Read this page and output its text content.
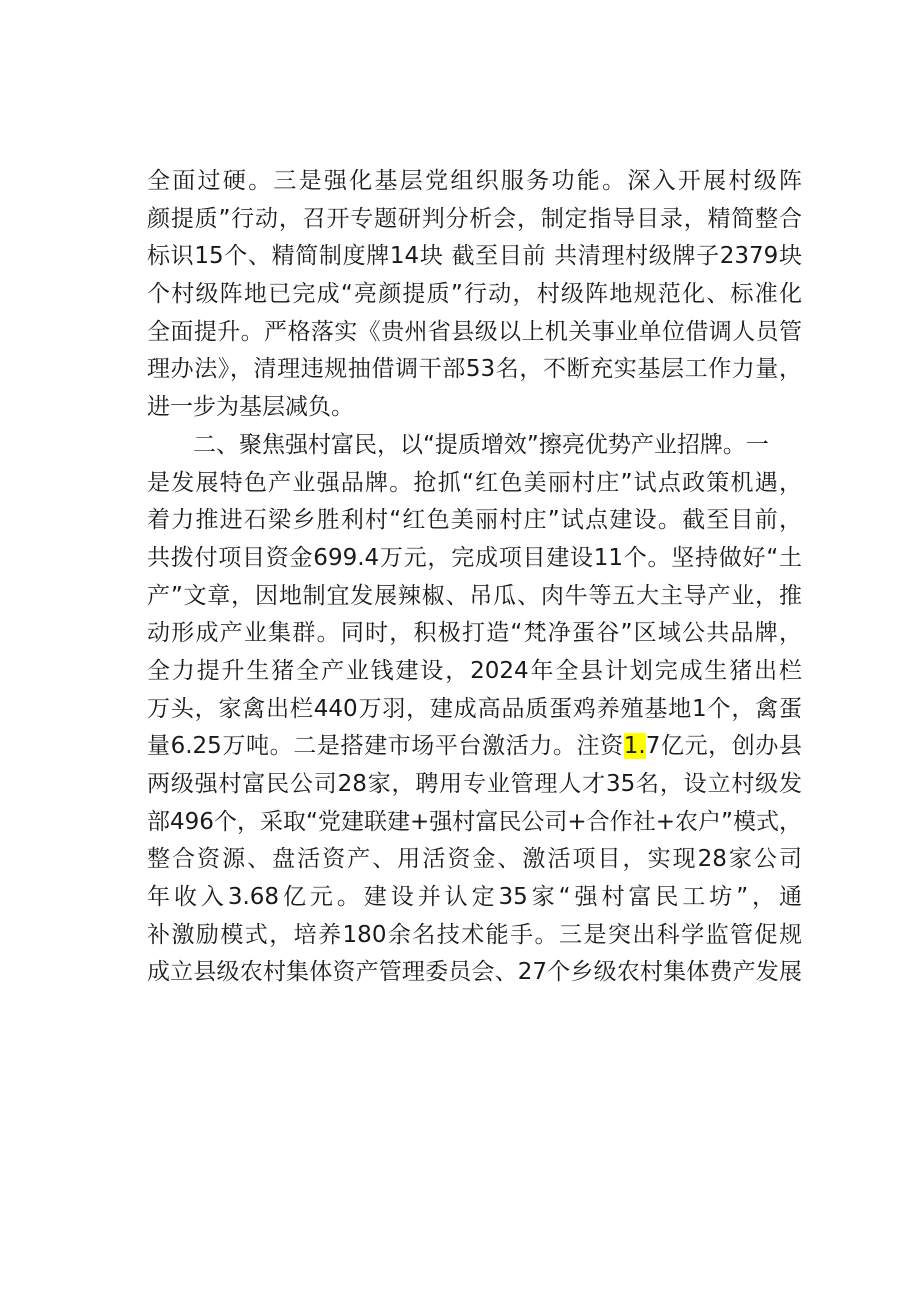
全面过硬。三是强化基层党组织服务功能。深入开展村级阵
颜提质”行动，召开专题研判分析会，制定指导目录，精简整合
标识15个、精简制度牌14块 截至目前 共清理村级牌子2379块
个村级阵地已完成“亮颜提质”行动，村级阵地规范化、标准化
全面提升。严格落实《贵州省县级以上机关事业单位借调人员管
理办法》，清理违规抽借调干部53名，不断充实基层工作力量，
进一步为基层减负。
　　二、聚焦强村富民，以“提质增效”擦亮优势产业招牌。一
是发展特色产业强品牌。抢抓“红色美丽村庄”试点政策机遇，
着力推进石梁乡胜利村“红色美丽村庄”试点建设。截至目前，
共拨付项目资金699.4万元，完成项目建设11个。坚持做好“土
产”文章，因地制宜发展辣椒、吊瓜、肉牛等五大主导产业，推
动形成产业集群。同时，积极打造“梵净蛋谷”区域公共品牌，
全力提升生猪全产业钱建设，2024年全县计划完成生猪出栏
万头，家禽出栏440万羽，建成高品质蛋鸡养殖基地1个，禽蛋
量6.25万吨。二是搭建市场平台激活力。注资1.7亿元，创办县
两级强村富民公司28家，聘用专业管理人才35名，设立村级发
部496个，采取“党建联建+强村富民公司+合作社+农户”模式，
整合资源、盘活资产、用活资金、激活项目，实现28家公司
年收入3.68亿元。建设并认定35家“强村富民工坊”，通
补激励模式，培养180余名技术能手。三是突出科学监管促规
成立县级农村集体资产管理委员会、27个乡级农村集体费产发展
